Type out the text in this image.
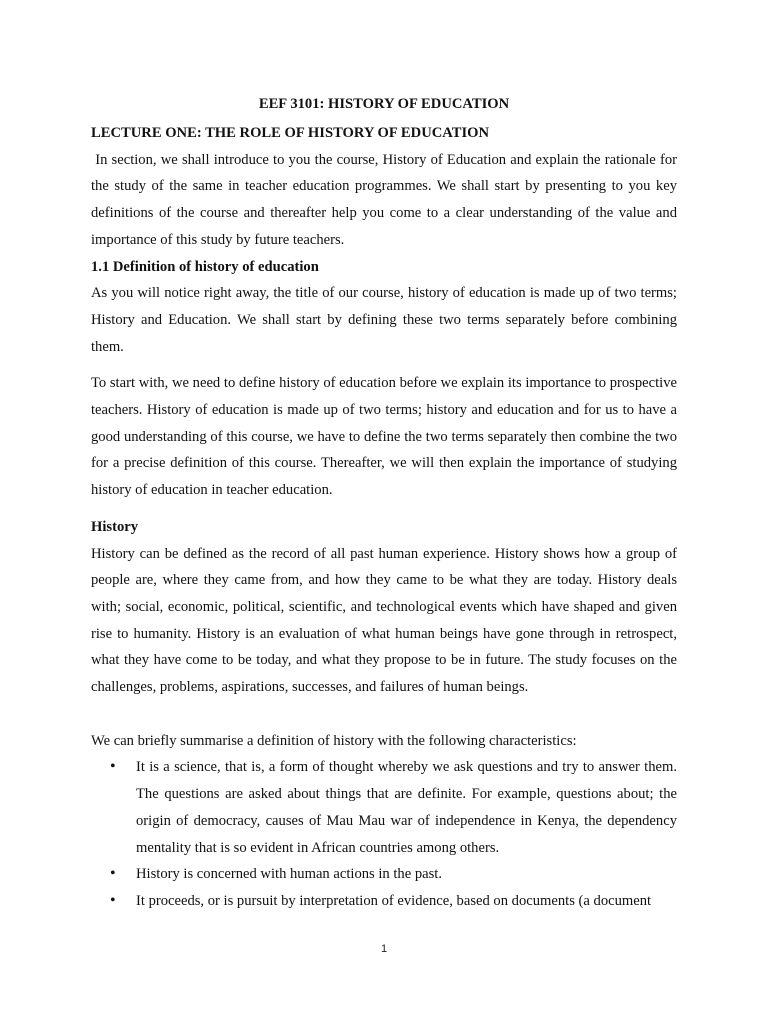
EEF 3101: HISTORY OF EDUCATION
LECTURE ONE: THE ROLE OF HISTORY OF EDUCATION

In section, we shall introduce to you the course, History of Education and explain the rationale for the study of the same in teacher education programmes. We shall start by presenting to you key definitions of the course and thereafter help you come to a clear understanding of the value and importance of this study by future teachers.

1.1 Definition of history of education

As you will notice right away, the title of our course, history of education is made up of two terms; History and Education. We shall start by defining these two terms separately before combining them.

To start with, we need to define history of education before we explain its importance to prospective teachers. History of education is made up of two terms; history and education and for us to have a good understanding of this course, we have to define the two terms separately then combine the two for a precise definition of this course. Thereafter, we will then explain the importance of studying history of education in teacher education.

History

History can be defined as the record of all past human experience. History shows how a group of people are, where they came from, and how they came to be what they are today. History deals with; social, economic, political, scientific, and technological events which have shaped and given rise to humanity. History is an evaluation of what human beings have gone through in retrospect, what they have come to be today, and what they propose to be in future. The study focuses on the challenges, problems, aspirations, successes, and failures of human beings.

We can briefly summarise a definition of history with the following characteristics:

• It is a science, that is, a form of thought whereby we ask questions and try to answer them. The questions are asked about things that are definite. For example, questions about; the origin of democracy, causes of Mau Mau war of independence in Kenya, the dependency mentality that is so evident in African countries among others.
• History is concerned with human actions in the past.
• It proceeds, or is pursuit by interpretation of evidence, based on documents (a document
1
